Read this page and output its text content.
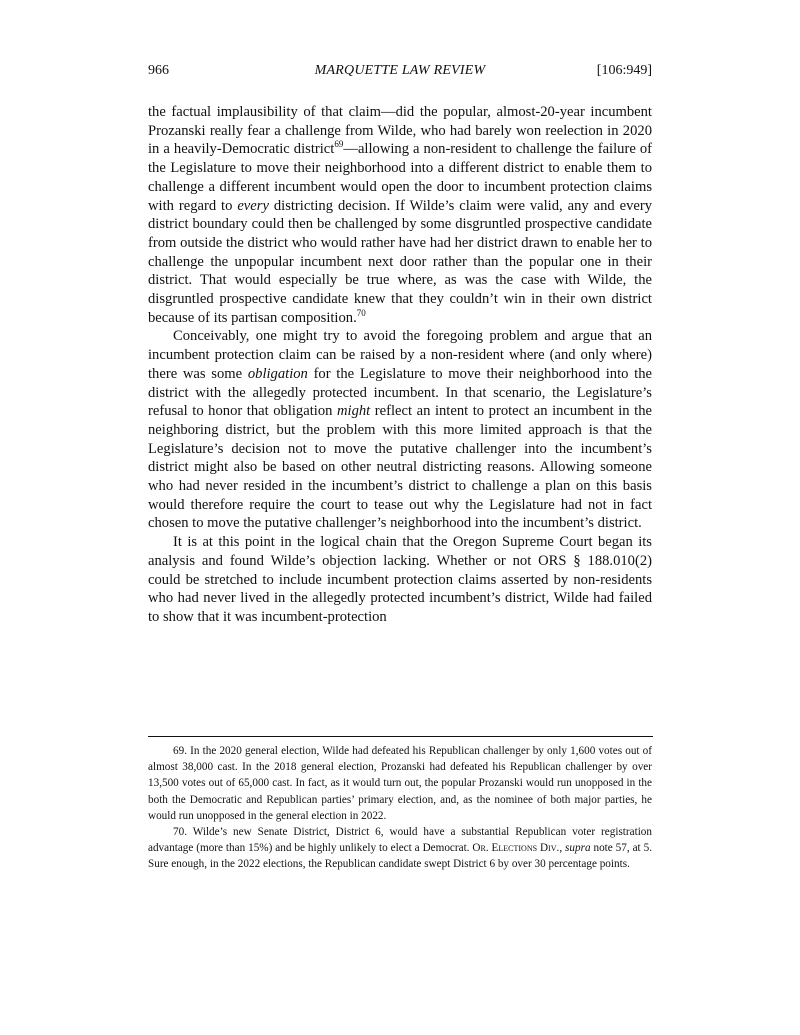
966	MARQUETTE LAW REVIEW	[106:949]

the factual implausibility of that claim—did the popular, almost-20-year incumbent Prozanski really fear a challenge from Wilde, who had barely won reelection in 2020 in a heavily-Democratic district$^{69}$—allowing a non-resident to challenge the failure of the Legislature to move their neighborhood into a different district to enable them to challenge a different incumbent would open the door to incumbent protection claims with regard to every districting decision. If Wilde’s claim were valid, any and every district boundary could then be challenged by some disgruntled prospective candidate from outside the district who would rather have had her district drawn to enable her to challenge the unpopular incumbent next door rather than the popular one in their district. That would especially be true where, as was the case with Wilde, the disgruntled prospective candidate knew that they couldn’t win in their own district because of its partisan composition.$^{70}$

Conceivably, one might try to avoid the foregoing problem and argue that an incumbent protection claim can be raised by a non-resident where (and only where) there was some obligation for the Legislature to move their neighborhood into the district with the allegedly protected incumbent. In that scenario, the Legislature’s refusal to honor that obligation might reflect an intent to protect an incumbent in the neighboring district, but the problem with this more limited approach is that the Legislature’s decision not to move the putative challenger into the incumbent’s district might also be based on other neutral districting reasons. Allowing someone who had never resided in the incumbent’s district to challenge a plan on this basis would therefore require the court to tease out why the Legislature had not in fact chosen to move the putative challenger’s neighborhood into the incumbent’s district.

It is at this point in the logical chain that the Oregon Supreme Court began its analysis and found Wilde’s objection lacking. Whether or not ORS § 188.010(2) could be stretched to include incumbent protection claims asserted by non-residents who had never lived in the allegedly protected incumbent’s district, Wilde had failed to show that it was incumbent-protection

69. In the 2020 general election, Wilde had defeated his Republican challenger by only 1,600 votes out of almost 38,000 cast. In the 2018 general election, Prozanski had defeated his Republican challenger by over 13,500 votes out of 65,000 cast. In fact, as it would turn out, the popular Prozanski would run unopposed in the both the Democratic and Republican parties’ primary election, and, as the nominee of both major parties, he would run unopposed in the general election in 2022.

70. Wilde’s new Senate District, District 6, would have a substantial Republican voter registration advantage (more than 15%) and be highly unlikely to elect a Democrat. Or. Elections Div., supra note 57, at 5. Sure enough, in the 2022 elections, the Republican candidate swept District 6 by over 30 percentage points.
